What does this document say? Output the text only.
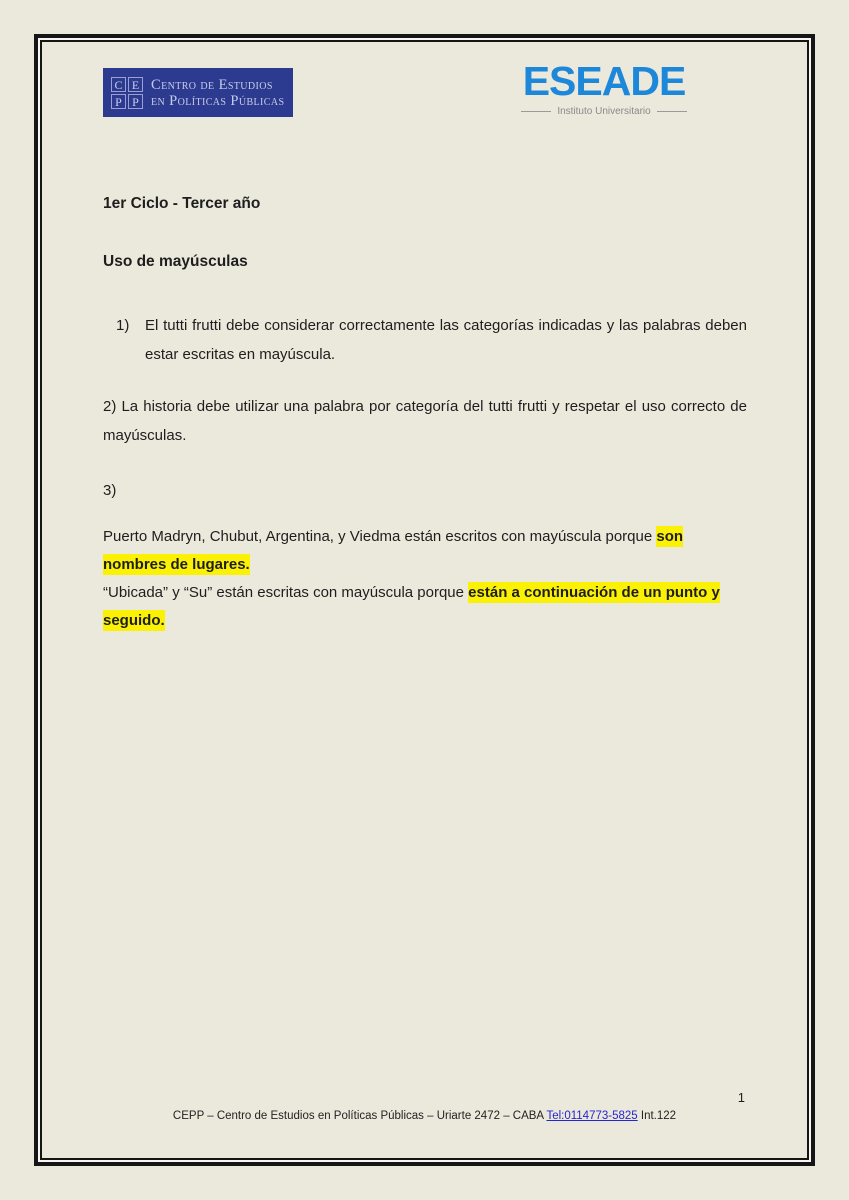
C E
P P
Centro de Estudios
en Políticas Públicas	ESEADE
Instituto Universitario
1er Ciclo - Tercer año
Uso de mayúsculas
1) El tutti frutti debe considerar correctamente las categorías indicadas y las palabras deben estar escritas en mayúscula.
2) La historia debe utilizar una palabra por categoría del tutti frutti y respetar el uso correcto de mayúsculas.
3)
Puerto Madryn, Chubut, Argentina, y Viedma están escritos con mayúscula porque son nombres de lugares.
“Ubicada” y “Su” están escritas con mayúscula porque están a continuación de un punto y seguido.
1
CEPP – Centro de Estudios en Políticas Públicas – Uriarte 2472 – CABA Tel:0114773-5825 Int.122
